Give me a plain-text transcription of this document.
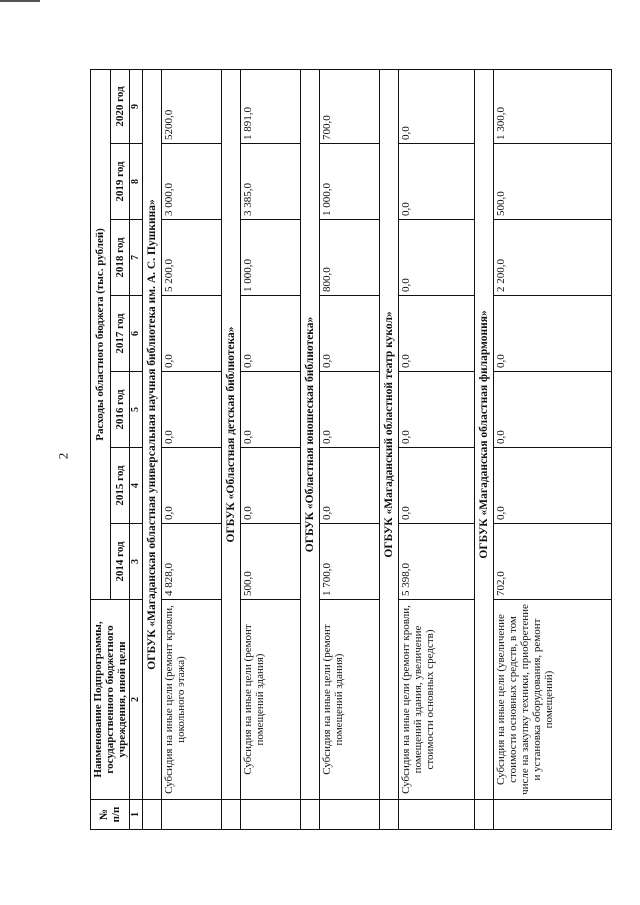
2
№ п/п	Наименование Подпрограммы, государственного бюджетного учреждения, иной цели	Расходы областного бюджета (тыс. рублей)						
		2014 год	2015 год	2016 год	2017 год	2018 год	2019 год	2020 год
1	2	3	4	5	6	7	8	9
	ОГБУК «Магаданская областная универсальная научная библиотека им. А. С. Пушкина»							
	Субсидия на иные цели (ремонт кровли, цокольного этажа)	4 828,0	0,0	0,0	0,0	5 200,0	3 000,0	5200,0
	ОГБУК «Областная детская библиотека»							
	Субсидия на иные цели (ремонт помещений здания)	500,0	0,0	0,0	0,0	1 000,0	3 385,0	1 891,0
	ОГБУК «Областная юношеская библиотека»							
	Субсидия на иные цели (ремонт помещений здания)	1 700,0	0,0	0,0	0,0	800,0	1 000,0	700,0
	ОГБУК «Магаданский областной театр кукол»							
	Субсидия на иные цели (ремонт кровли, помещений здания, увеличение стоимости основных средств)	5 398,0	0,0	0,0	0,0	0,0	0,0	0,0
	ОГБУК «Магаданская областная филармония»							
	Субсидия на иные цели (увеличение стоимости основных средств, в том числе на закупку техники, приобретение и установка оборудования, ремонт помещений)	702,0	0,0	0,0	0,0	2 200,0	500,0	1 300,0
